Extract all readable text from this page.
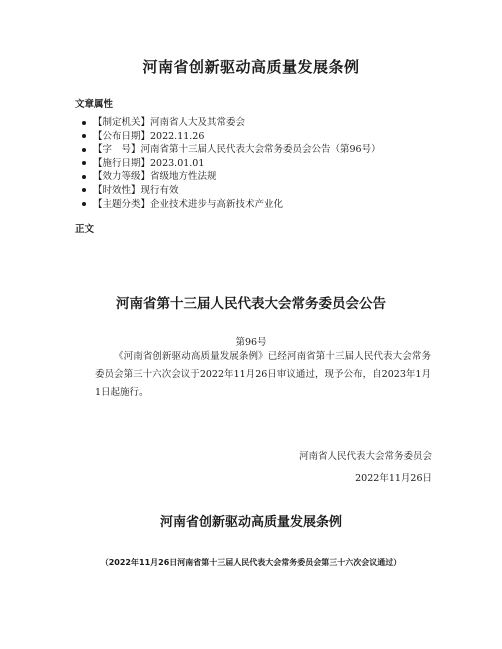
河南省创新驱动高质量发展条例
文章属性
【制定机关】河南省人大及其常委会
【公布日期】2022.11.26
【字　号】河南省第十三届人民代表大会常务委员会公告（第96号）
【施行日期】2023.01.01
【效力等级】省级地方性法规
【时效性】现行有效
【主题分类】企业技术进步与高新技术产业化
正文
河南省第十三届人民代表大会常务委员会公告
第96号

《河南省创新驱动高质量发展条例》已经河南省第十三届人民代表大会常务委员会第三十六次会议于2022年11月26日审议通过，现予公布，自2023年1月1日起施行。

河南省人民代表大会常务委员会
2022年11月26日
河南省创新驱动高质量发展条例
（2022年11月26日河南省第十三届人民代表大会常务委员会第三十六次会议通过）
